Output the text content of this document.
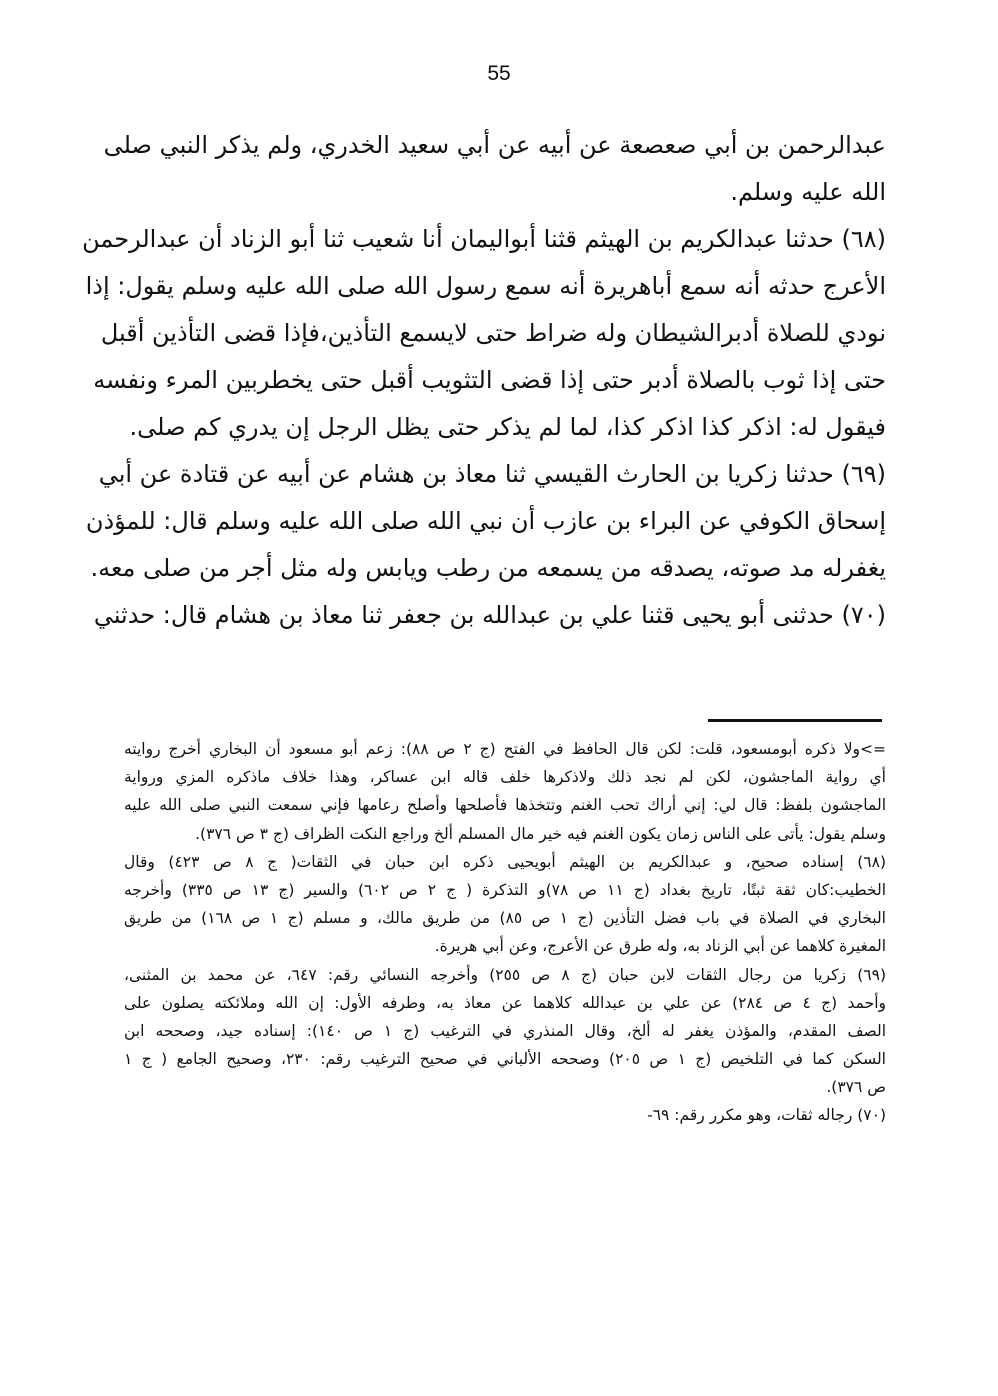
55
عبدالرحمن بن أبي صعصعة عن أبيه عن أبي سعيد الخدري، ولم يذكر النبي صلى
الله عليه وسلم.
(٦٨) حدثنا عبدالكريم بن الهيثم قثنا أبواليمان أنا شعيب ثنا أبو الزناد أن عبدالرحمن
الأعرج حدثه أنه سمع أباهريرة أنه سمع رسول الله صلى الله عليه وسلم يقول: إذا
نودي للصلاة أدبرالشيطان وله ضراط حتى لايسمع التأذين،فإذا قضى التأذين أقبل
حتى إذا ثوب بالصلاة أدبر حتى إذا قضى التثويب أقبل حتى يخطربين المرء ونفسه
فيقول له: اذكر كذا اذكر كذا، لما لم يذكر حتى يظل الرجل إن يدري كم صلى.
(٦٩) حدثنا زكريا بن الحارث القيسي ثنا معاذ بن هشام عن أبيه عن قتادة عن أبي
إسحاق الكوفي عن البراء بن عازب أن نبي الله صلى الله عليه وسلم قال: للمؤذن
يغفرله مد صوته، يصدقه من يسمعه من رطب ويابس وله مثل أجر من صلى معه.
(٧٠) حدثنى أبو يحيى قثنا علي بن عبدالله بن جعفر ثنا معاذ بن هشام قال: حدثني
=>ولا ذكره أبومسعود، قلت: لكن قال الحافظ في الفتح (ج ٢ ص ٨٨): زعم أبو مسعود أن البخاري أخرج روايته
أي رواية الماجشون، لكن لم نجد ذلك ولاذكرها خلف قاله ابن عساكر، وهذا خلاف ماذكره المزي ورواية
الماجشون بلفظ: قال لي: إني أراك تحب الغنم وتتخذها فأصلحها وأصلح رعامها فإني سمعت النبي صلى الله عليه
وسلم يقول: يأتى على الناس زمان يكون الغنم فيه خير مال المسلم ألخ وراجع النكت الظراف (ج ٣ ص ٣٧٦).
(٦٨) إسناده صحيح، و عبدالكريم بن الهيثم أبويحيى ذكره ابن حبان في الثقات( ج ٨ ص ٤٢٣) وقال
الخطيب:كان ثقة ثبتًا، تاريخ بغداد (ج ١١ ص ٧٨)و التذكرة ( ج ٢ ص ٦٠٢) والسير (ج ١٣ ص ٣٣٥) وأخرجه
البخاري في الصلاة في باب فضل التأذين (ج ١ ص ٨٥) من طريق مالك، و مسلم (ج ١ ص ١٦٨) من طريق
المغيرة كلاهما عن أبي الزناد به، وله طرق عن الأعرج، وعن أبي هريرة.
(٦٩) زكريا من رجال الثقات لابن حبان (ج ٨ ص ٢٥٥) وأخرجه النسائي رقم: ٦٤٧، عن محمد بن المثنى،
وأحمد (ج ٤ ص ٢٨٤) عن علي بن عبدالله كلاهما عن معاذ به، وطرفه الأول: إن الله وملائكته يصلون على
الصف المقدم، والمؤذن يغفر له ألخ، وقال المنذري في الترغيب (ج ١ ص ١٤٠): إسناده جيد، وصححه ابن
السكن كما في التلخيص (ج ١ ص ٢٠٥) وصححه الألباني في صحيح الترغيب رقم: ٢٣٠، وصحيح الجامع ( ج ١
ص ٣٧٦).
(٧٠) رجاله ثقات، وهو مكرر رقم: ٦٩-
